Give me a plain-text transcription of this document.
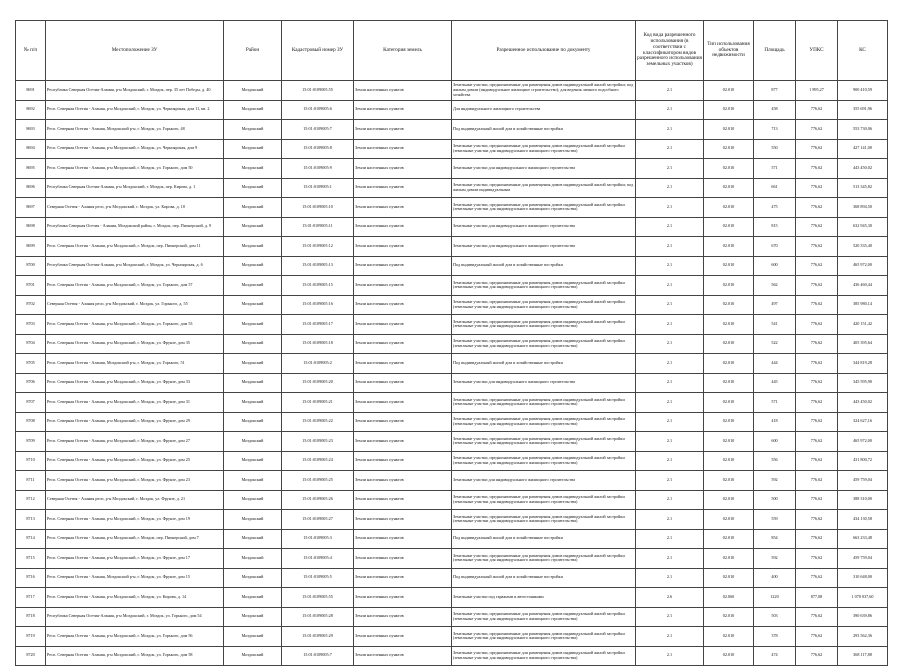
№ п/п	Местоположение ЗУ	Район	Кадастровый номер ЗУ	Категория земель	Разрешенное использование по документу	Код вида разрешенного использования (в соответствии с классификатором видов разрешенного использования земельных участков)	Тип использования объектов недвижимости	Площадь	УПКС	КС
8691	Республика Северная Осетия-Алания, р-н Моздокский, г. Моздок, пер. 35 лет Победы, д. 40	Моздокский	15:01:0109005:55	Земли населенных пунктов	Земельные участки, предназначенные для размещения домов индивидуальной жилой застройки; под жилым домом (индивидуальное жилищное строительство); для ведения личного подсобного хозяйства	2.1	02.010	877	1 895,27	900 410,59
8692	Респ. Северная Осетия - Алания, р-н Моздокский, г. Моздок, ул. Черноярская, дом 11, кв. 2	Моздокский	15:01:0109005:6	Земли населенных пунктов	Для индивидуального жилищного строительства	2.1	02.010	458	776,62	355 691,96
8693	Респ. Северная Осетия - Алания, Моздокский р-н, г. Моздок, ул. Горького, 48	Моздокский	15:01:0109005:7	Земли населенных пунктов	Под индивидуальный жилой дом и хозяйственные постройки	2.1	02.010	713	776,62	553 730,06
8694	Респ. Северная Осетия - Алания, р-н Моздокский, г. Моздок, ул. Черноярская, дом 9	Моздокский	15:01:0109005:8	Земли населенных пунктов	Земельные участки, предназначенные для размещения домов индивидуальной жилой застройки (земельные участки для индивидуального жилищного строительства)	2.1	02.010	550	776,62	427 141,00
8695	Респ. Северная Осетия - Алания, р-н Моздокский, г. Моздок, ул. Горького, дом 50	Моздокский	15:01:0109005:9	Земли населенных пунктов	Земельные участки для индивидуального жилищного строительства	2.1	02.010	571	776,62	443 450,02
8696	Республика Северная Осетия-Алания, р-н Моздокский, г. Моздок, пер. Кирова, д. 1	Моздокский	15:01:0109005:1	Земли населенных пунктов	Земельные участки, предназначенные для размещения домов индивидуальной жилой застройки; под жилым домом индивидуальным	2.1	02.010	661	776,62	513 345,82
8697	Северная Осетия - Алания респ, р-н Моздокский, г. Моздок, ул. Кирова, д. 10	Моздокский	15:01:0109005:10	Земли населенных пунктов	Земельные участки, предназначенные для размещения домов индивидуальной жилой застройки (земельные участки для индивидуального жилищного строительства)	2.1	02.010	475	776,62	368 894,50
8698	Республика Северная Осетия - Алания, Моздокский район, г. Моздок, пер. Пионерский, д. 9	Моздокский	15:01:0109005:11	Земли населенных пунктов	Земельные участки для индивидуального жилищного строительства	2.1	02.010	815	776,62	632 945,30
8699	Респ. Северная Осетия - Алания, р-н Моздокский, г. Моздок, пер. Пионерский, дом 11	Моздокский	15:01:0109005:12	Земли населенных пунктов	Земельные участки для индивидуального жилищного строительства	2.1	02.010	670	776,62	520 335,40
8700	Республика Северная Осетия-Алания, р-н Моздокский, г. Моздок, ул. Черноярская, д. 6	Моздокский	15:01:0109005:13	Земли населенных пунктов	Под индивидуальный жилой дом и хозяйственные постройки	2.1	02.010	600	776,62	465 972,00
8701	Респ. Северная Осетия - Алания, р-н Моздокский, г. Моздок, ул. Горького, дом 57	Моздокский	15:01:0109005:15	Земли населенных пунктов	Земельные участки, предназначенные для размещения домов индивидуальной жилой застройки (земельные участки для индивидуального жилищного строительства)	2.1	02.010	562	776,62	436 460,44
8702	Северная Осетия - Алания респ, р-н Моздокский, г. Моздок, ул. Горького, д. 55	Моздокский	15:01:0109005:16	Земли населенных пунктов	Земельные участки, предназначенные для размещения домов индивидуальной жилой застройки (земельные участки для индивидуального жилищного строительства)	2.1	02.010	497	776,62	385 980,14
8703	Респ. Северная Осетия - Алания, р-н Моздокский, г. Моздок, ул. Горького, дом 53	Моздокский	15:01:0109005:17	Земли населенных пунктов	Земельные участки, предназначенные для размещения домов индивидуальной жилой застройки (земельные участки для индивидуального жилищного строительства)	2.1	02.010	541	776,62	420 151,42
8704	Респ. Северная Осетия - Алания, р-н Моздокский, г. Моздок, ул. Фрунзе, дом 35	Моздокский	15:01:0109005:18	Земли населенных пунктов	Земельные участки, предназначенные для размещения домов индивидуальной жилой застройки (земельные участки для индивидуального жилищного строительства)	2.1	02.010	522	776,62	405 395,64
8705	Респ. Северная Осетия - Алания, Моздокский р-н, г. Моздок, ул. Горького, 51	Моздокский	15:01:0109005:2	Земли населенных пунктов	Под индивидуальный жилой дом и хозяйственные постройки	2.1	02.010	444	776,62	344 819,28
8706	Респ. Северная Осетия - Алания, р-н Моздокский, г. Моздок, ул. Фрунзе, дом 33	Моздокский	15:01:0109005:20	Земли населенных пунктов	Земельные участки для индивидуального жилищного строительства	2.1	02.010	445	776,62	345 595,90
8707	Респ. Северная Осетия - Алания, р-н Моздокский, г. Моздок, ул. Фрунзе, дом 31	Моздокский	15:01:0109005:21	Земли населенных пунктов	Земельные участки, предназначенные для размещения домов индивидуальной жилой застройки (земельные участки для индивидуального жилищного строительства)	2.1	02.010	571	776,62	443 450,02
8708	Респ. Северная Осетия - Алания, р-н Моздокский, г. Моздок, ул. Фрунзе, дом 29	Моздокский	15:01:0109005:22	Земли населенных пунктов	Земельные участки, предназначенные для размещения домов индивидуальной жилой застройки (земельные участки для индивидуального жилищного строительства)	2.1	02.010	418	776,62	324 627,16
8709	Респ. Северная Осетия - Алания, р-н Моздокский, г. Моздок, ул. Фрунзе, дом 27	Моздокский	15:01:0109005:23	Земли населенных пунктов	Земельные участки, предназначенные для размещения домов индивидуальной жилой застройки (земельные участки для индивидуального жилищного строительства)	2.1	02.010	600	776,62	465 972,00
8710	Респ. Северная Осетия - Алания, р-н Моздокский, г. Моздок, ул. Фрунзе, дом 25	Моздокский	15:01:0109005:24	Земли населенных пунктов	Земельные участки, предназначенные для размещения домов индивидуальной жилой застройки (земельные участки для индивидуального жилищного строительства)	2.1	02.010	556	776,62	431 800,72
8711	Респ. Северная Осетия - Алания, р-н Моздокский, г. Моздок, ул. Фрунзе, дом 23	Моздокский	15:01:0109005:25	Земли населенных пунктов	Земельные участки для индивидуального жилищного строительства	2.1	02.010	592	776,62	459 759,04
8712	Северная Осетия - Алания респ, р-н Моздокский, г. Моздок, ул. Фрунзе, д. 21	Моздокский	15:01:0109005:26	Земли населенных пунктов	Земельные участки, предназначенные для размещения домов индивидуальной жилой застройки (земельные участки для индивидуального жилищного строительства)	2.1	02.010	500	776,62	388 310,00
8713	Респ. Северная Осетия - Алания, р-н Моздокский, г. Моздок, ул. Фрунзе, дом 19	Моздокский	15:01:0109005:27	Земли населенных пунктов	Земельные участки, предназначенные для размещения домов индивидуальной жилой застройки (земельные участки для индивидуального жилищного строительства)	2.1	02.010	559	776,62	434 130,58
8714	Респ. Северная Осетия - Алания, р-н Моздокский, г. Моздок, пер. Пионерский, дом 7	Моздокский	15:01:0109005:3	Земли населенных пунктов	Под индивидуальный жилой дом и хозяйственные постройки	2.1	02.010	854	776,62	663 233,48
8715	Респ. Северная Осетия - Алания, р-н Моздокский, г. Моздок, ул. Фрунзе, дом 17	Moздокский	15:01:0109005:4	Земли населенных пунктов	Земельные участки, предназначенные для размещения домов индивидуальной жилой застройки (земельные участки для индивидуального жилищного строительства)	2.1	02.010	592	776,62	459 759,04
8716	Респ. Северная Осетия - Алания, Моздокский р-н, г. Моздок, ул. Фрунзе, дом 15	Моздокский	15:01:0109005:5	Земли населенных пунктов	Под индивидуальный жилой дом и хозяйственные постройки	2.1	02.010	400	776,62	310 648,00
8717	Респ. Северная Осетия - Алания, р-н Моздокский, г. Моздок, ул. Кирова, д. 14	Моздокский	15:01:0109005:55	Земли населенных пунктов	Земельные участки под гаражами и автостоянками	2.6	02.060	1220	877,08	1 070 037,60
8718	Республика Северная Осетия-Алания, р-н Моздокский, г. Моздок, ул. Горького, дом 54	Моздокский	15:01:0109005:28	Земли населенных пунктов	Земельные участки, предназначенные для размещения домов индивидуальной жилой застройки (земельные участки для индивидуального жилищного строительства)	2.1	02.010	503	776,62	390 639,86
8719	Респ. Северная Осетия - Алания, р-н Моздокский, г. Моздок, ул. Горького, дом 56	Моздокский	15:01:0109005:29	Земли населенных пунктов	Земельные участки, предназначенные для размещения домов индивидуальной жилой застройки (земельные участки для индивидуального жилищного строительства)	2.1	02.010	378	776,62	293 562,36
8720	Респ. Северная Осетия - Алания, р-н Моздокский, г. Моздок, ул. Горького, дом 58	Моздокский	15:01:0109005:7	Земли населенных пунктов	Земельные участки, предназначенные для размещения домов индивидуальной жилой застройки (земельные участки для индивидуального жилищного строительства)	2.1	02.010	474	776,62	368 117,88
